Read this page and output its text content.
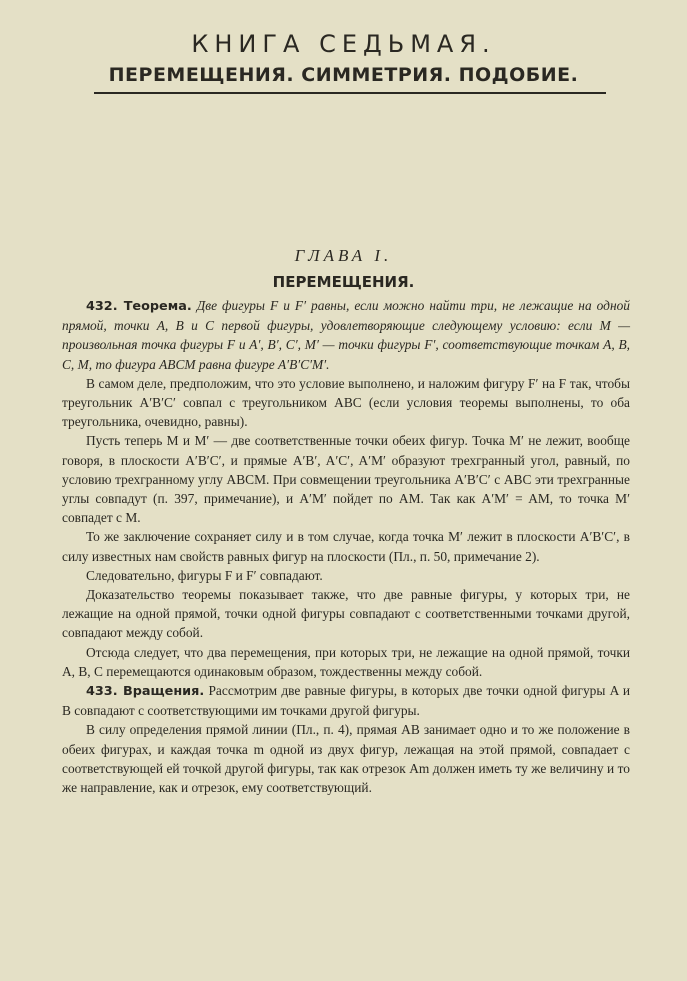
КНИГА СЕДЬМАЯ.
ПЕРЕМЕЩЕНИЯ. СИММЕТРИЯ. ПОДОБИЕ.
ГЛАВА I.
ПЕРЕМЕЩЕНИЯ.

432. Теорема. Две фигуры F и F′ равны, если можно найти три, не лежащие на одной прямой, точки A, B и C первой фигуры, удовлетворяющие следующему условию: если M — произвольная точка фигуры F и A′, B′, C′, M′ — точки фигуры F′, соответствующие точкам A, B, C, M, то фигура ABCM равна фигуре A′B′C′M′.

В самом деле, предположим, что это условие выполнено, и наложим фигуру F′ на F так, чтобы треугольник A′B′C′ совпал с треугольником ABC (если условия теоремы выполнены, то оба треугольника, очевидно, равны).

Пусть теперь M и M′ — две соответственные точки обеих фигур. Точка M′ не лежит, вообще говоря, в плоскости A′B′C′, и прямые A′B′, A′C′, A′M′ образуют трехгранный угол, равный, по условию трехгранному углу ABCM. При совмещении треугольника A′B′C′ с ABC эти трехгранные углы совпадут (п. 397, примечание), и A′M′ пойдет по AM. Так как A′M′ = AM, то точка M′ совпадет с M.

То же заключение сохраняет силу и в том случае, когда точка M′ лежит в плоскости A′B′C′, в силу известных нам свойств равных фигур на плоскости (Пл., п. 50, примечание 2).

Следовательно, фигуры F и F′ совпадают.

Доказательство теоремы показывает также, что две равные фигуры, у которых три, не лежащие на одной прямой, точки одной фигуры совпадают с соответственными точками другой, совпадают между собой.

Отсюда следует, что два перемещения, при которых три, не лежащие на одной прямой, точки A, B, C перемещаются одинаковым образом, тождественны между собой.

433. Вращения. Рассмотрим две равные фигуры, в которых две точки одной фигуры A и B совпадают с соответствующими им точками другой фигуры.

В силу определения прямой линии (Пл., п. 4), прямая AB занимает одно и то же положение в обеих фигурах, и каждая точка m одной из двух фигур, лежащая на этой прямой, совпадает с соответствующей ей точкой другой фигуры, так как отрезок Am должен иметь ту же величину и то же направление, как и отрезок, ему соответствующий.
